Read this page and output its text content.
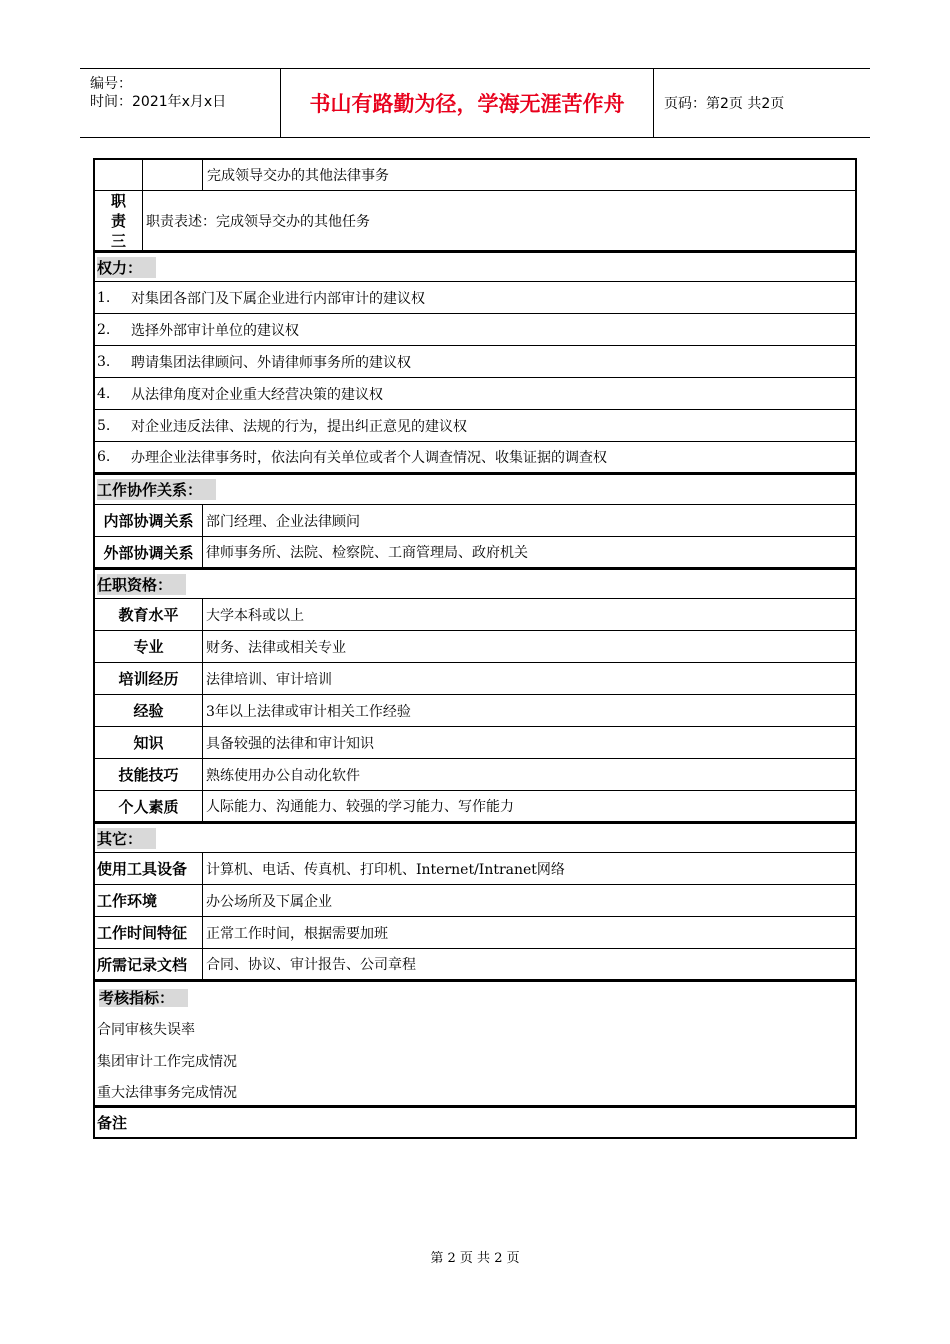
编号：
时间：2021年x月x日	书山有路勤为径，学海无涯苦作舟	页码：第2页 共2页
完成领导交办的其他法律事务
职责三
职责表述：完成领导交办的其他任务
权力：
1. 对集团各部门及下属企业进行内部审计的建议权
2. 选择外部审计单位的建议权
3. 聘请集团法律顾问、外请律师事务所的建议权
4. 从法律角度对企业重大经营决策的建议权
5. 对企业违反法律、法规的行为，提出纠正意见的建议权
6. 办理企业法律事务时，依法向有关单位或者个人调查情况、收集证据的调查权
工作协作关系：
内部协调关系 部门经理、企业法律顾问
外部协调关系 律师事务所、法院、检察院、工商管理局、政府机关
任职资格：
教育水平	大学本科或以上
专业	财务、法律或相关专业
培训经历	法律培训、审计培训
经验	3年以上法律或审计相关工作经验
知识	具备较强的法律和审计知识
技能技巧	熟练使用办公自动化软件
个人素质	人际能力、沟通能力、较强的学习能力、写作能力
其它：
使用工具设备	计算机、电话、传真机、打印机、Internet/Intranet网络
工作环境	办公场所及下属企业
工作时间特征	正常工作时间，根据需要加班
所需记录文档	合同、协议、审计报告、公司章程
考核指标：
合同审核失误率
集团审计工作完成情况
重大法律事务完成情况
备注
第 2 页 共 2 页
